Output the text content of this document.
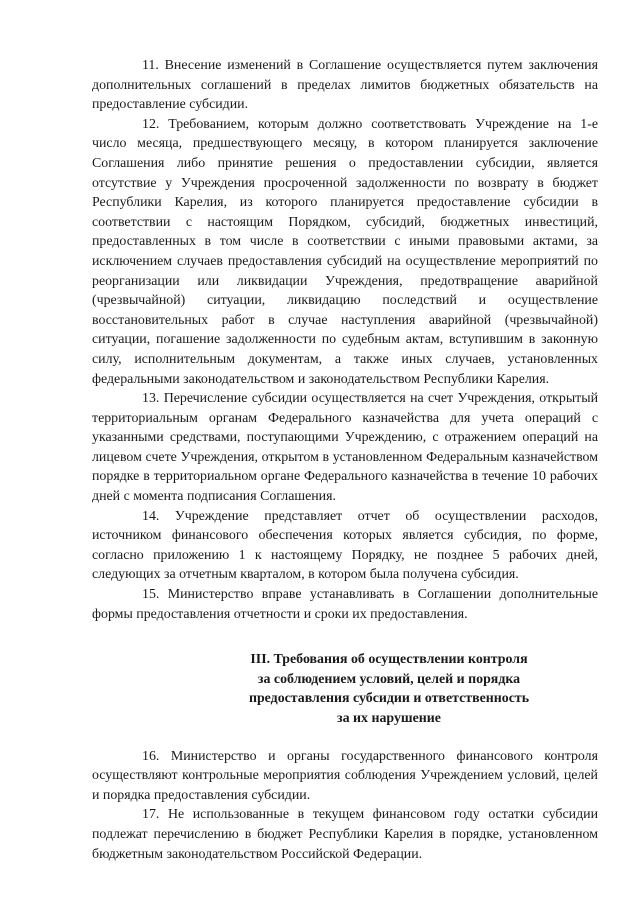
11. Внесение изменений в Соглашение осуществляется путем заключения дополнительных соглашений в пределах лимитов бюджетных обязательств на предоставление субсидии.

12. Требованием, которым должно соответствовать Учреждение на 1-е число месяца, предшествующего месяцу, в котором планируется заключение Соглашения либо принятие решения о предоставлении субсидии, является отсутствие у Учреждения просроченной задолженности по возврату в бюджет Республики Карелия, из которого планируется предоставление субсидии в соответствии с настоящим Порядком, субсидий, бюджетных инвестиций, предоставленных в том числе в соответствии с иными правовыми актами, за исключением случаев предоставления субсидий на осуществление мероприятий по реорганизации или ликвидации Учреждения, предотвращение аварийной (чрезвычайной) ситуации, ликвидацию последствий и осуществление восстановительных работ в случае наступления аварийной (чрезвычайной) ситуации, погашение задолженности по судебным актам, вступившим в законную силу, исполнительным документам, а также иных случаев, установленных федеральными законодательством и законодательством Республики Карелия.

13. Перечисление субсидии осуществляется на счет Учреждения, открытый территориальным органам Федерального казначейства для учета операций с указанными средствами, поступающими Учреждению, с отражением операций на лицевом счете Учреждения, открытом в установленном Федеральным казначейством порядке в территориальном органе Федерального казначейства в течение 10 рабочих дней с момента подписания Соглашения.

14. Учреждение представляет отчет об осуществлении расходов, источником финансового обеспечения которых является субсидия, по форме, согласно приложению 1 к настоящему Порядку, не позднее 5 рабочих дней, следующих за отчетным кварталом, в котором была получена субсидия.

15. Министерство вправе устанавливать в Соглашении дополнительные формы предоставления отчетности и сроки их предоставления.

III. Требования об осуществлении контроля
за соблюдением условий, целей и порядка
предоставления субсидии и ответственность
за их нарушение

16. Министерство и органы государственного финансового контроля осуществляют контрольные мероприятия соблюдения Учреждением условий, целей и порядка предоставления субсидии.

17. Не использованные в текущем финансовом году остатки субсидии подлежат перечислению в бюджет Республики Карелия в порядке, установленном бюджетным законодательством Российской Федерации.
